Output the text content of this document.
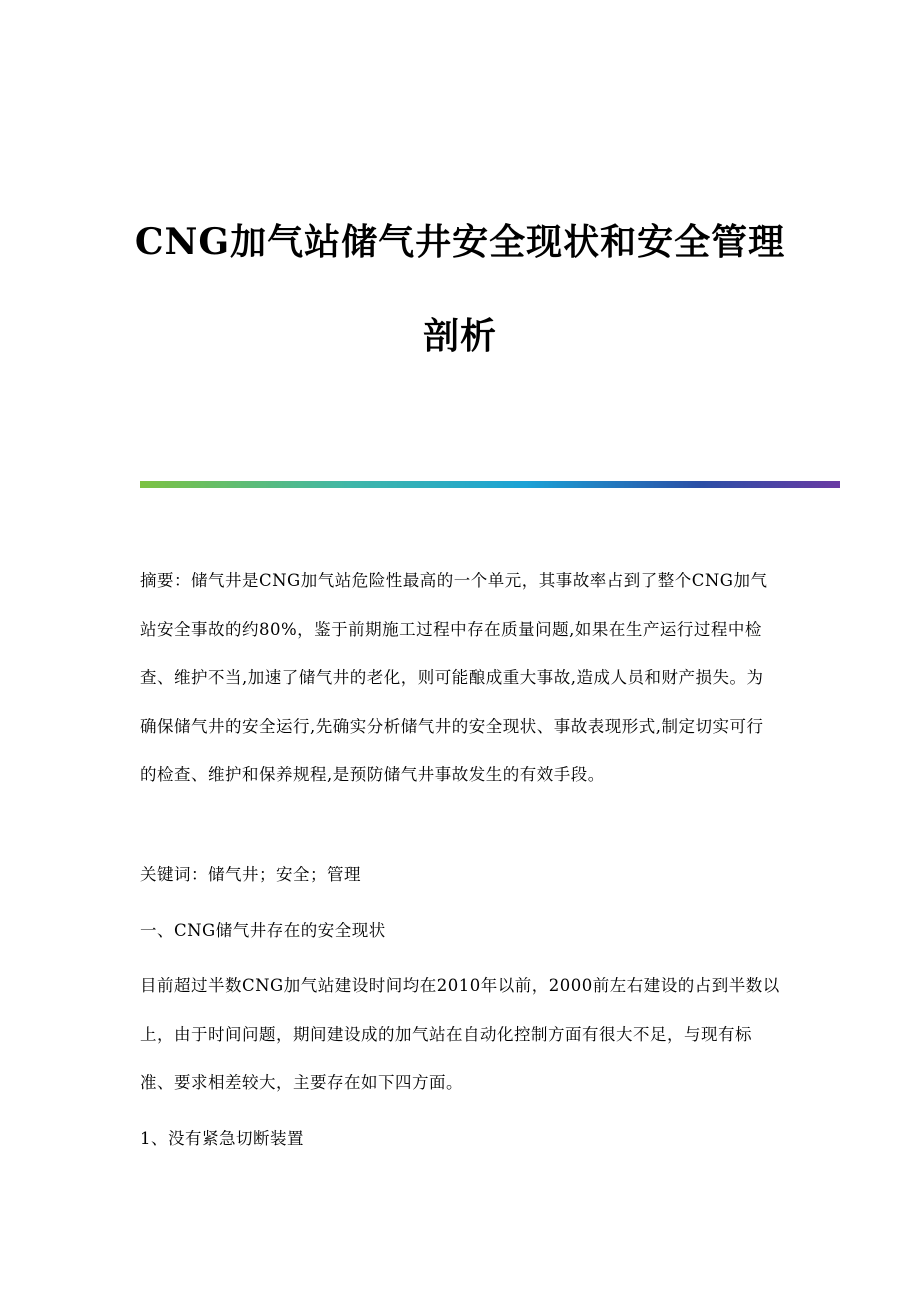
CNG加气站储气井安全现状和安全管理
剖析

摘要：储气井是CNG加气站危险性最高的一个单元，其事故率占到了整个CNG加气站安全事故的约80%，鉴于前期施工过程中存在质量问题,如果在生产运行过程中检查、维护不当,加速了储气井的老化，则可能酿成重大事故,造成人员和财产损失。为确保储气井的安全运行,先确实分析储气井的安全现状、事故表现形式,制定切实可行的检查、维护和保养规程,是预防储气井事故发生的有效手段。

关键词：储气井；安全；管理

一、CNG储气井存在的安全现状

目前超过半数CNG加气站建设时间均在2010年以前，2000前左右建设的占到半数以上，由于时间问题，期间建设成的加气站在自动化控制方面有很大不足，与现有标准、要求相差较大，主要存在如下四方面。

1、没有紧急切断装置
